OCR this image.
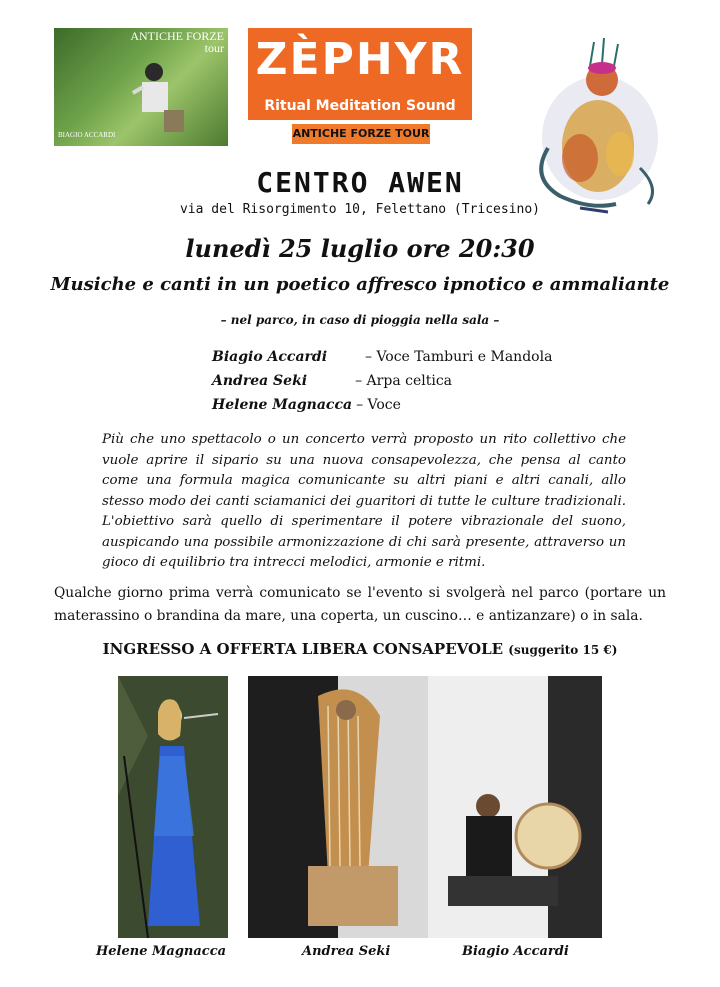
ANTICHE FORZE
tour
BIAGIO ACCARDI
ZÈPHYR
Ritual Meditation Sound
ANTICHE FORZE TOUR
CENTRO AWEN
via del Risorgimento 10, Felettano (Tricesino)
lunedì 25 luglio ore 20:30
Musiche e canti in un poetico affresco ipnotico e ammaliante
– nel parco, in caso di pioggia nella sala –
Biagio Accardi	– Voce Tamburi e Mandola
Andrea Seki	– Arpa celtica
Helene Magnacca – Voce
Più che uno spettacolo o un concerto verrà proposto un rito collettivo che vuole aprire il sipario su una nuova consapevolezza, che pensa al canto come una formula magica comunicante su altri piani e altri canali, allo stesso modo dei canti sciamanici dei guaritori di tutte le culture tradizionali. L'obiettivo sarà quello di sperimentare il potere vibrazionale del suono, auspicando una possibile armonizzazione di chi sarà presente, attraverso un gioco di equilibrio tra intrecci melodici, armonie e ritmi.
Qualche giorno prima verrà comunicato se l'evento si svolgerà nel parco (portare un materassino o brandina da mare, una coperta, un cuscino… e antizanzare) o in sala.
INGRESSO A OFFERTA LIBERA CONSAPEVOLE (suggerito 15 €)
Helene Magnacca	Andrea Seki	Biagio Accardi
